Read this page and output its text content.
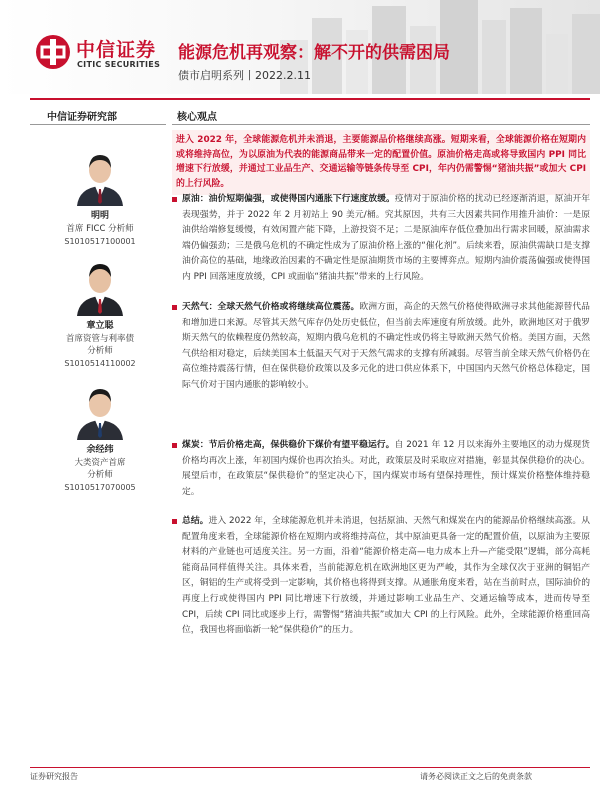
中信证券
CITIC SECURITIES
能源危机再观察：解不开的供需困局
债市启明系列丨2022.2.11
中信证券研究部	核心观点
明明
首席 FICC 分析师
S1010517100001
章立聪
首席资管与利率债
分析师
S1010514110002
余经纬
大类资产首席
分析师
S1010517070005
进入 2022 年，全球能源危机并未消退，主要能源品价格继续高涨。短期来看，全球能源价格在短期内或将维持高位，为以原油为代表的能源商品带来一定的配置价值。原油价格走高或将导致国内 PPI 同比增速下行放缓，并通过工业品生产、交通运输等链条传导至 CPI，年内仍需警惕“猪油共振”或加大 CPI 的上行风险。
原油：油价短期偏强，或使得国内通胀下行速度放缓。疫情对于原油价格的扰动已经逐渐消退，原油开年表现强势，并于 2022 年 2 月初站上 90 美元/桶。究其原因，共有三大因素共同作用推升油价：一是原油供给端修复缓慢，有效闲置产能下降，上游投资不足；二是原油库存低位叠加出行需求回暖，原油需求端仍偏强劲；三是俄乌危机的不确定性成为了原油价格上涨的“催化剂”。后续来看，原油供需缺口是支撑油价高位的基础，地缘政治因素的不确定性是原油期货市场的主要博弈点。短期内油价震荡偏强或使得国内 PPI 回落速度放缓，CPI 或面临“猪油共振”带来的上行风险。
天然气：全球天然气价格或将继续高位震荡。欧洲方面，高企的天然气价格使得欧洲寻求其他能源替代品和增加进口来源。尽管其天然气库存仍处历史低位，但当前去库速度有所放缓。此外，欧洲地区对于俄罗斯天然气的依赖程度仍然较高，短期内俄乌危机的不确定性或仍将主导欧洲天然气价格。美国方面，天然气供给相对稳定，后续美国本土低温天气对于天然气需求的支撑有所减弱。尽管当前全球天然气价格仍在高位维持震荡行情，但在保供稳价政策以及多元化的进口供应体系下，中国国内天然气价格总体稳定，国际气价对于国内通胀的影响较小。
煤炭：节后价格走高，保供稳价下煤价有望平稳运行。自 2021 年 12 月以来海外主要地区的动力煤现货价格均再次上涨，年初国内煤价也再次抬头。对此，政策层及时采取应对措施，彰显其保供稳价的决心。展望后市，在政策层“保供稳价”的坚定决心下，国内煤炭市场有望保持理性，预计煤炭价格整体维持稳定。
总结。进入 2022 年，全球能源危机并未消退，包括原油、天然气和煤炭在内的能源品价格继续高涨。从配置角度来看，全球能源价格在短期内或将维持高位，其中原油更具备一定的配置价值，以原油为主要原材料的产业链也可适度关注。另一方面，沿着“能源价格走高—电力成本上升—产能受限”逻辑，部分高耗能商品同样值得关注。具体来看，当前能源危机在欧洲地区更为严峻，其作为全球仅次于亚洲的铜铝产区，铜铝的生产或将受到一定影响，其价格也将得到支撑。从通胀角度来看，站在当前时点，国际油价的再度上行或使得国内 PPI 同比增速下行放缓，并通过影响工业品生产、交通运输等成本，进而传导至 CPI，后续 CPI 同比或逐步上行，需警惕“猪油共振”或加大 CPI 的上行风险。此外，全球能源价格重回高位，我国也将面临新一轮“保供稳价”的压力。
证券研究报告	请务必阅读正文之后的免责条款
